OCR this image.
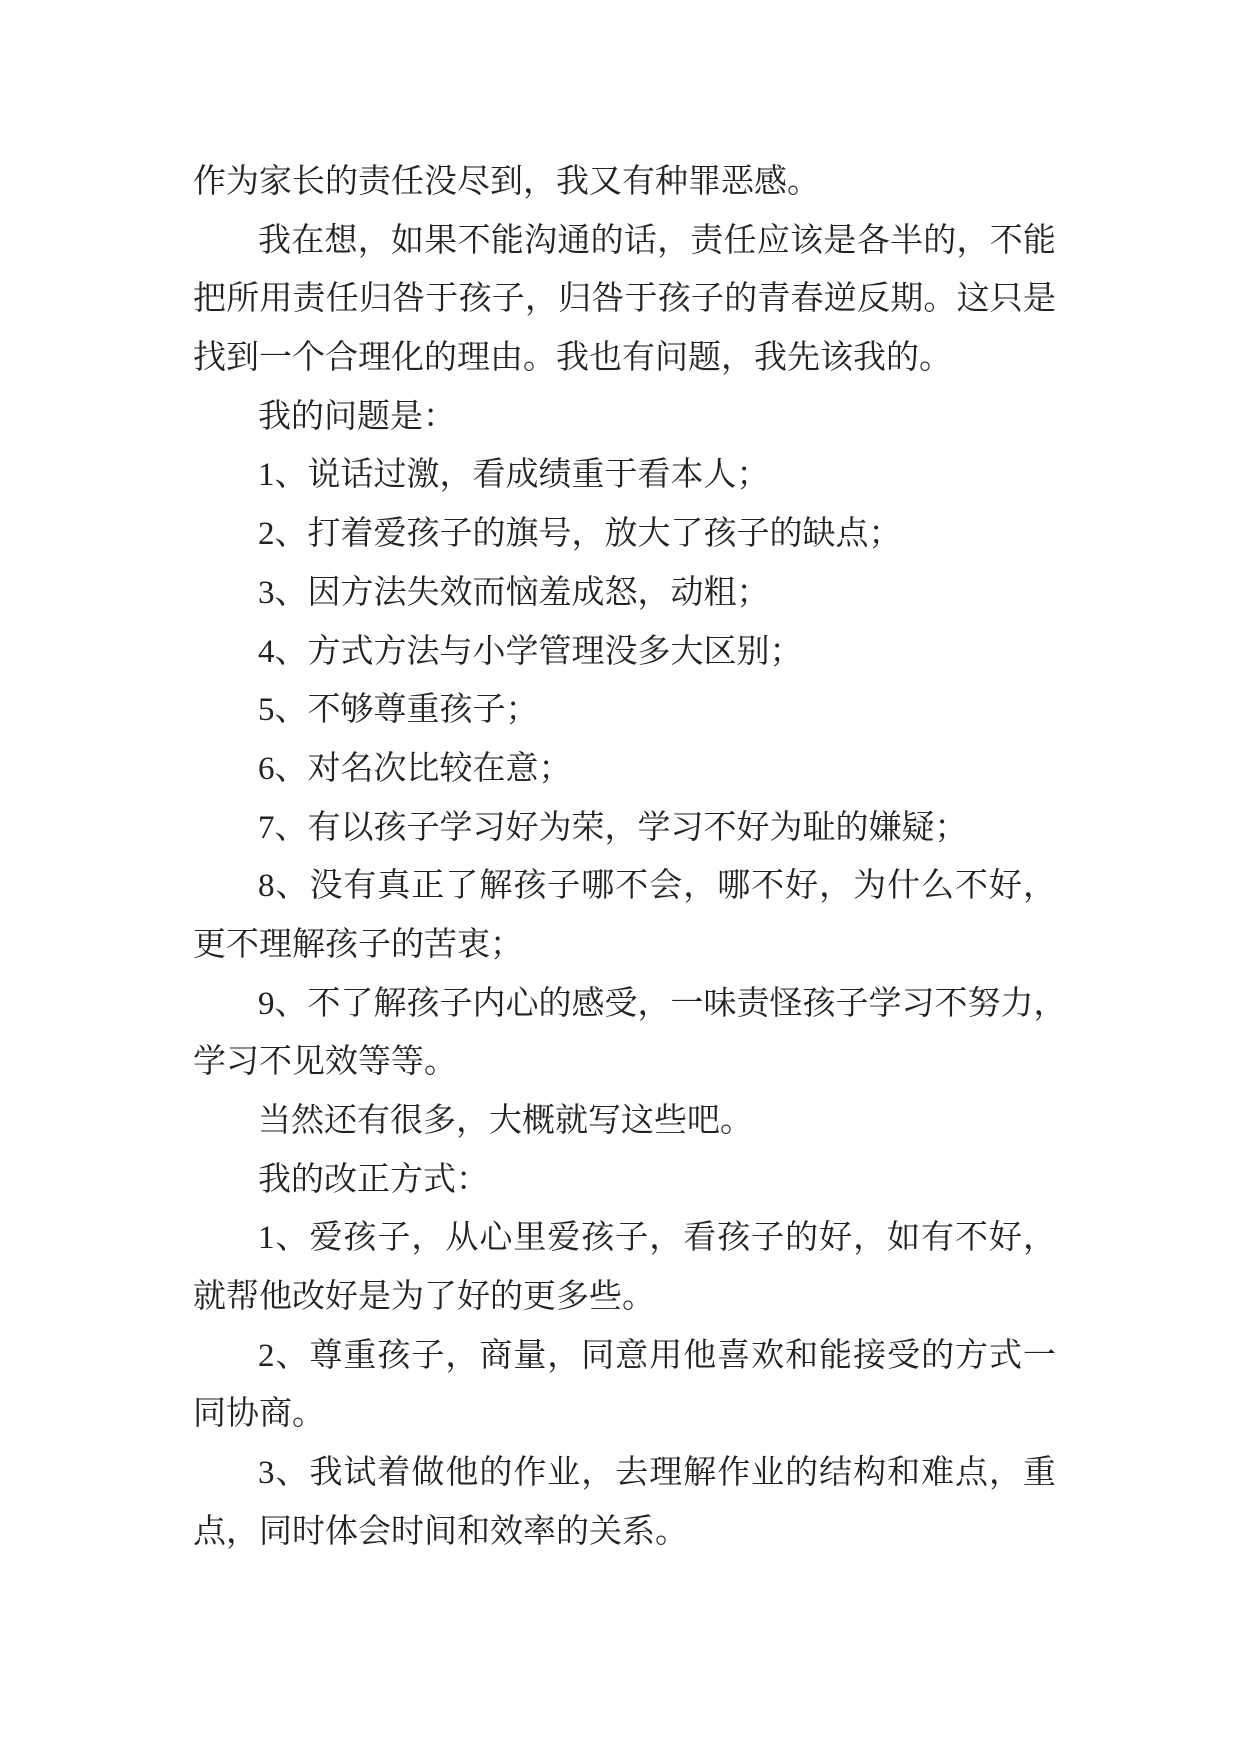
作为家长的责任没尽到，我又有种罪恶感。

我在想，如果不能沟通的话，责任应该是各半的，不能
把所用责任归咎于孩子，归咎于孩子的青春逆反期。这只是
找到一个合理化的理由。我也有问题，我先该我的。

我的问题是：

1、说话过激，看成绩重于看本人；

2、打着爱孩子的旗号，放大了孩子的缺点；

3、因方法失效而恼羞成怒，动粗；

4、方式方法与小学管理没多大区别；

5、不够尊重孩子；

6、对名次比较在意；

7、有以孩子学习好为荣，学习不好为耻的嫌疑；

8、没有真正了解孩子哪不会，哪不好，为什么不好，
更不理解孩子的苦衷；

9、不了解孩子内心的感受，一味责怪孩子学习不努力，
学习不见效等等。

当然还有很多，大概就写这些吧。

我的改正方式：

1、爱孩子，从心里爱孩子，看孩子的好，如有不好，
就帮他改好是为了好的更多些。

2、尊重孩子，商量，同意用他喜欢和能接受的方式一
同协商。

3、我试着做他的作业，去理解作业的结构和难点，重
点，同时体会时间和效率的关系。
